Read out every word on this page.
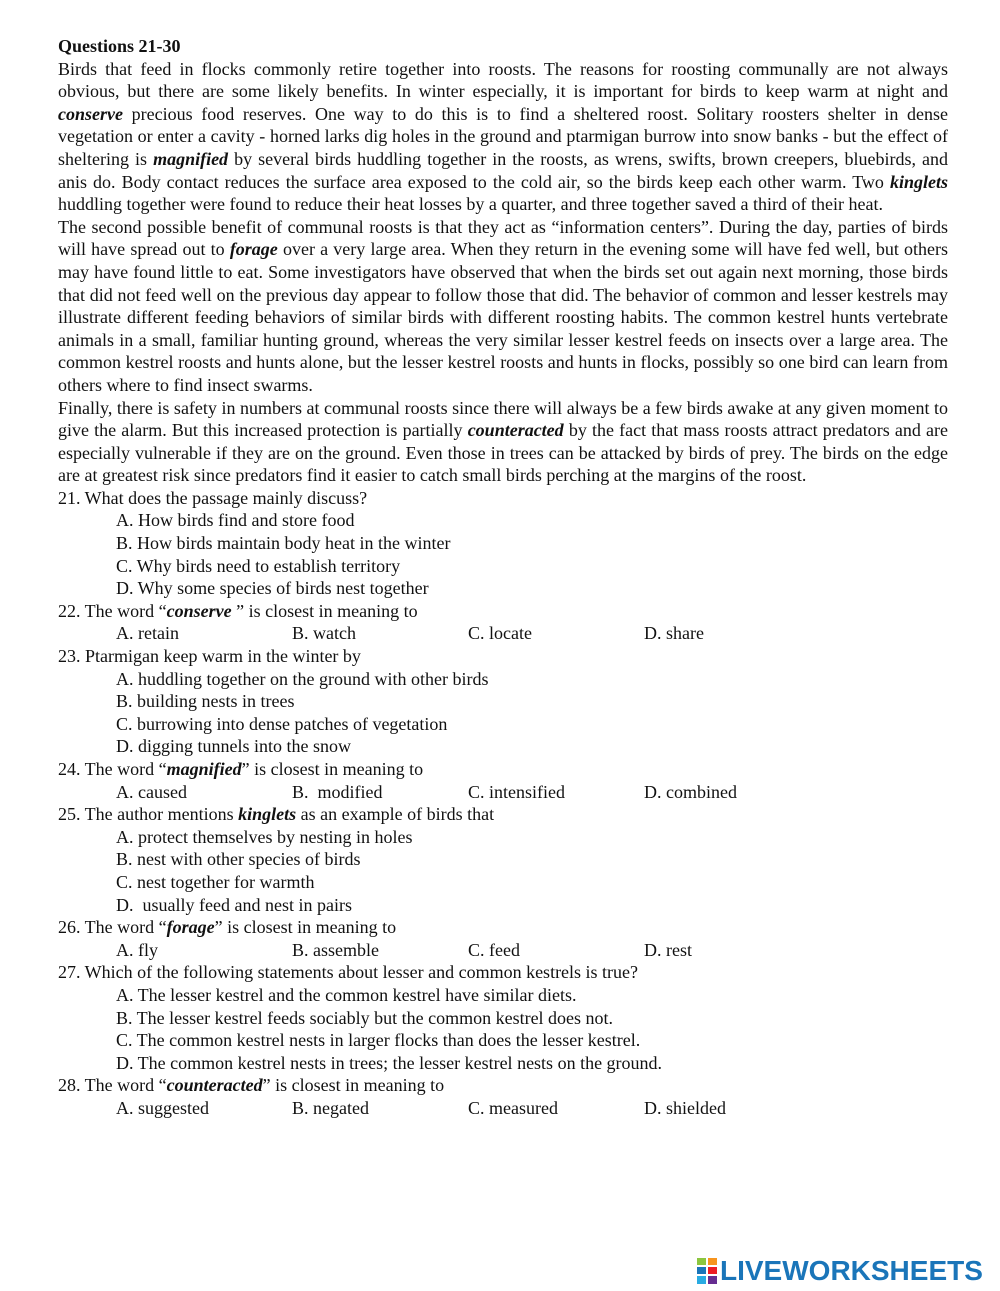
Questions 21-30

Birds that feed in flocks commonly retire together into roosts. The reasons for roosting communally are not always obvious, but there are some likely benefits. In winter especially, it is important for birds to keep warm at night and conserve precious food reserves. One way to do this is to find a sheltered roost. Solitary roosters shelter in dense vegetation or enter a cavity - horned larks dig holes in the ground and ptarmigan burrow into snow banks - but the effect of sheltering is magnified by several birds huddling together in the roosts, as wrens, swifts, brown creepers, bluebirds, and anis do. Body contact reduces the surface area exposed to the cold air, so the birds keep each other warm. Two kinglets huddling together were found to reduce their heat losses by a quarter, and three together saved a third of their heat.

The second possible benefit of communal roosts is that they act as “information centers”. During the day, parties of birds will have spread out to forage over a very large area. When they return in the evening some will have fed well, but others may have found little to eat. Some investigators have observed that when the birds set out again next morning, those birds that did not feed well on the previous day appear to follow those that did. The behavior of common and lesser kestrels may illustrate different feeding behaviors of similar birds with different roosting habits. The common kestrel hunts vertebrate animals in a small, familiar hunting ground, whereas the very similar lesser kestrel feeds on insects over a large area. The common kestrel roosts and hunts alone, but the lesser kestrel roosts and hunts in flocks, possibly so one bird can learn from others where to find insect swarms.

Finally, there is safety in numbers at communal roosts since there will always be a few birds awake at any given moment to give the alarm. But this increased protection is partially counteracted by the fact that mass roosts attract predators and are especially vulnerable if they are on the ground. Even those in trees can be attacked by birds of prey. The birds on the edge are at greatest risk since predators find it easier to catch small birds perching at the margins of the roost.

21. What does the passage mainly discuss?
A. How birds find and store food
B. How birds maintain body heat in the winter
C. Why birds need to establish territory
D. Why some species of birds nest together
22. The word “conserve ” is closest in meaning to
A. retain	B. watch	C. locate	D. share
23. Ptarmigan keep warm in the winter by
A. huddling together on the ground with other birds
B. building nests in trees
C. burrowing into dense patches of vegetation
D. digging tunnels into the snow
24. The word “magnified” is closest in meaning to
A. caused	B.  modified	C. intensified	D. combined
25. The author mentions kinglets as an example of birds that
A. protect themselves by nesting in holes
B. nest with other species of birds
C. nest together for warmth
D.  usually feed and nest in pairs
26. The word “forage” is closest in meaning to
A. fly	B. assemble	C. feed	D. rest
27. Which of the following statements about lesser and common kestrels is true?
A. The lesser kestrel and the common kestrel have similar diets.
B. The lesser kestrel feeds sociably but the common kestrel does not.
C. The common kestrel nests in larger flocks than does the lesser kestrel.
D. The common kestrel nests in trees; the lesser kestrel nests on the ground.
28. The word “counteracted” is closest in meaning to
A. suggested	B. negated	C. measured	D. shielded
LIVEWORKSHEETS
